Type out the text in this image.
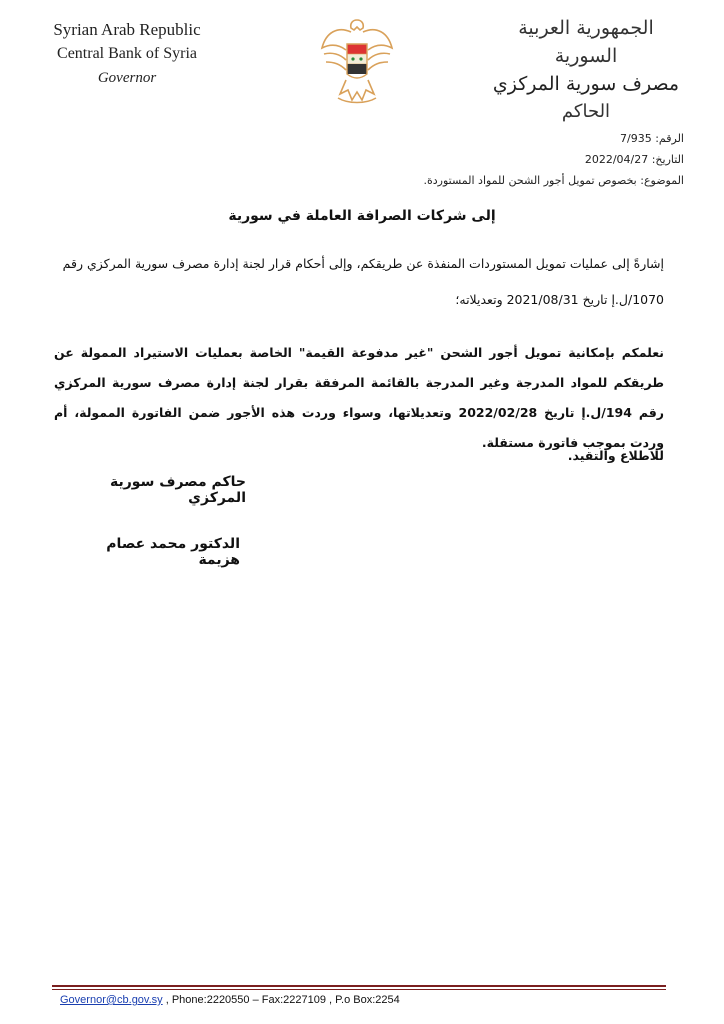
Syrian Arab Republic
Central Bank of Syria
Governor
الجمهورية العربية السورية
مصرف سورية المركزي
الحاكم
الرقم: 7/935
التاريخ: 2022/04/27
الموضوع: بخصوص تمويل أجور الشحن للمواد المستوردة.
إلى شركات الصرافة العاملة في سورية
إشارةً إلى عمليات تمويل المستوردات المنفذة عن طريقكم، وإلى أحكام قرار لجنة إدارة مصرف سورية المركزي رقم
1070/ل.إ تاريخ 2021/08/31 وتعديلاته؛
نعلمكم بإمكانية تمويل أجور الشحن "غير مدفوعة القيمة" الخاصة بعمليات الاستيراد الممولة عن طريقكم للمواد المدرجة وغير المدرجة بالقائمة المرفقة بقرار لجنة إدارة مصرف سورية المركزي رقم 194/ل.إ تاريخ 2022/02/28 وتعديلاتها، وسواء وردت هذه الأجور ضمن الفاتورة الممولة، أم وردت بموجب فاتورة مستقلة.
للاطلاع والتقيد.
حاكم مصرف سورية المركزي
الدكتور محمد عصام هزيمة
Governor@cb.gov.sy , Phone:2220550 – Fax:2227109 , P.o Box:2254
